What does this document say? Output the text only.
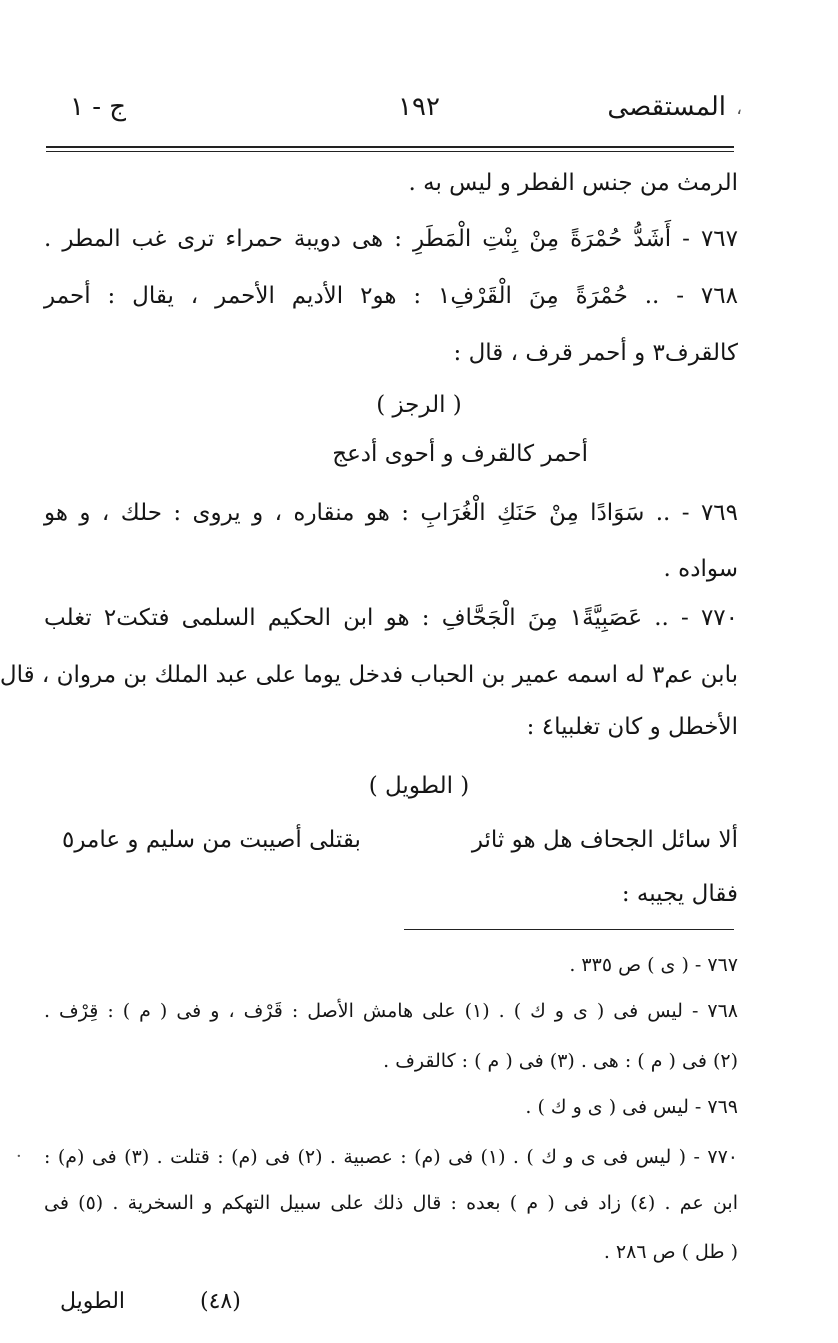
المستقصى
١٩٢
ج - ١
الرمث من جنس الفطر و ليس به .
٧٦٧ - أَشَدُّ حُمْرَةً مِنْ بِنْتِ الْمَطَرِ : هى دويبة حمراء ترى غب المطر .
٧٦٨ - .. حُمْرَةً مِنَ الْقَرْفِ١ : هو٢ الأديم الأحمر ، يقال : أحمر
كالقرف٣ و أحمر قرف ، قال :
( الرجز )
أحمر كالقرف و أحوى أدعج
٧٦٩ - .. سَوَادًا مِنْ حَنَكِ الْغُرَابِ : هو منقاره ، و يروى : حلك ، و هو
سواده .
٧٧٠ - .. عَصَبِيَّةً١ مِنَ الْجَحَّافِ : هو ابن الحكيم السلمى فتكت٢ تغلب
بابن عم٣ له اسمه عمير بن الحباب فدخل يوما على عبد الملك بن مروان ، قال
الأخطل و كان تغلبيا٤ :
( الطويل )
ألا سائل الجحاف هل هو ثائر
بقتلى أصيبت من سليم و عامر٥
فقال يجيبه :
٧٦٧ - ( ى ) ص ٣٣٥ .
٧٦٨ - ليس فى ( ى و ك ) . (١) على هامش الأصل : قَرْف ، و فى ( م ) : قِرْف .
(٢) فى ( م ) : هى . (٣) فى ( م ) : كالقرف .
٧٦٩ - ليس فى ( ى و ك ) .
٧٧٠ - ( ليس فى ى و ك ) . (١) فى (م) : عصبية . (٢) فى (م) : قتلت . (٣) فى (م) :
ابن عم . (٤) زاد فى ( م ) بعده : قال ذلك على سبيل التهكم و السخرية . (٥) فى
( طل ) ص ٢٨٦ .
(٤٨)
الطويل
،
·
